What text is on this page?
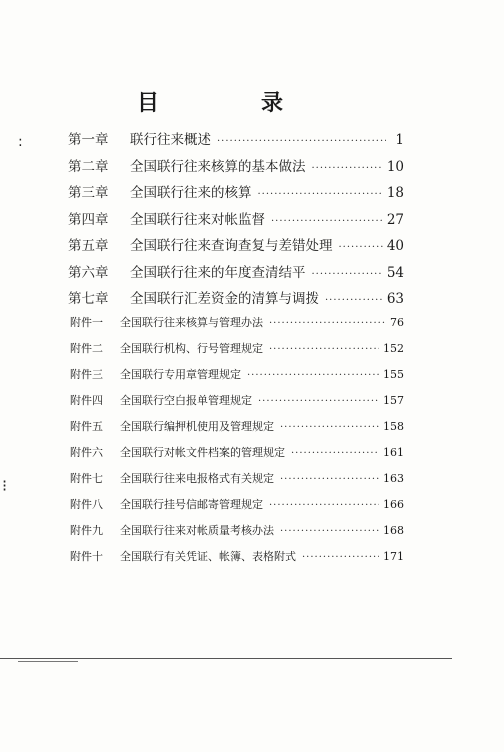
目　录
第一章	联行往来概述 ·····	1
第二章	全国联行往来核算的基本做法 ·····	10
第三章	全国联行往来的核算 ·····	18
第四章	全国联行往来对帐监督 ·····	27
第五章	全国联行往来查询查复与差错处理 ·····	40
第六章	全国联行往来的年度查清结平 ·····	54
第七章	全国联行汇差资金的清算与调拨 ·····	63
附件一	全国联行往来核算与管理办法 ·····	76
附件二	全国联行机构、行号管理规定 ·····	152
附件三	全国联行专用章管理规定 ·····	155
附件四	全国联行空白报单管理规定 ·····	157
附件五	全国联行编押机使用及管理规定 ·····	158
附件六	全国联行对帐文件档案的管理规定 ·····	161
附件七	全国联行往来电报格式有关规定 ·····	163
附件八	全国联行挂号信邮寄管理规定 ·····	166
附件九	全国联行往来对帐质量考核办法 ·····	168
附件十	全国联行有关凭证、帐簿、表格附式 ·····	171
:
⁝
